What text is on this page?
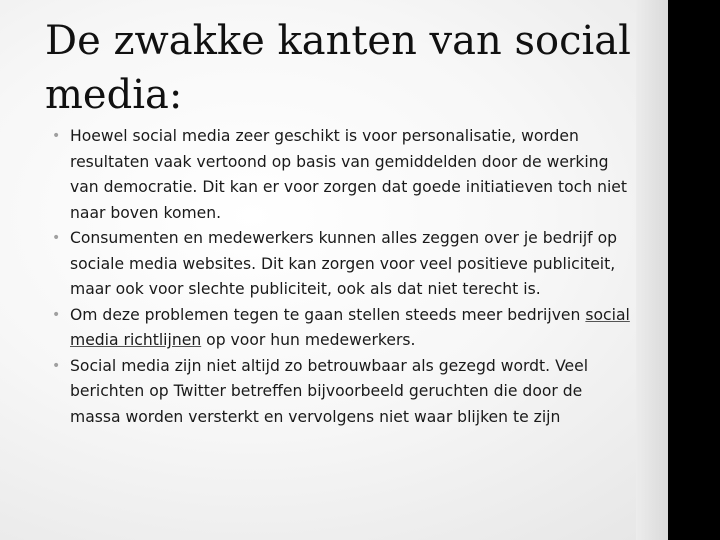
De zwakke kanten van social media:
• Hoewel social media zeer geschikt is voor personalisatie, worden resultaten vaak vertoond op basis van gemiddelden door de werking van democratie. Dit kan er voor zorgen dat goede initiatieven toch niet naar boven komen.
• Consumenten en medewerkers kunnen alles zeggen over je bedrijf op sociale media websites. Dit kan zorgen voor veel positieve publiciteit, maar ook voor slechte publiciteit, ook als dat niet terecht is.
• Om deze problemen tegen te gaan stellen steeds meer bedrijven social media richtlijnen op voor hun medewerkers.
• Social media zijn niet altijd zo betrouwbaar als gezegd wordt. Veel berichten op Twitter betreffen bijvoorbeeld geruchten die door de massa worden versterkt en vervolgens niet waar blijken te zijn
